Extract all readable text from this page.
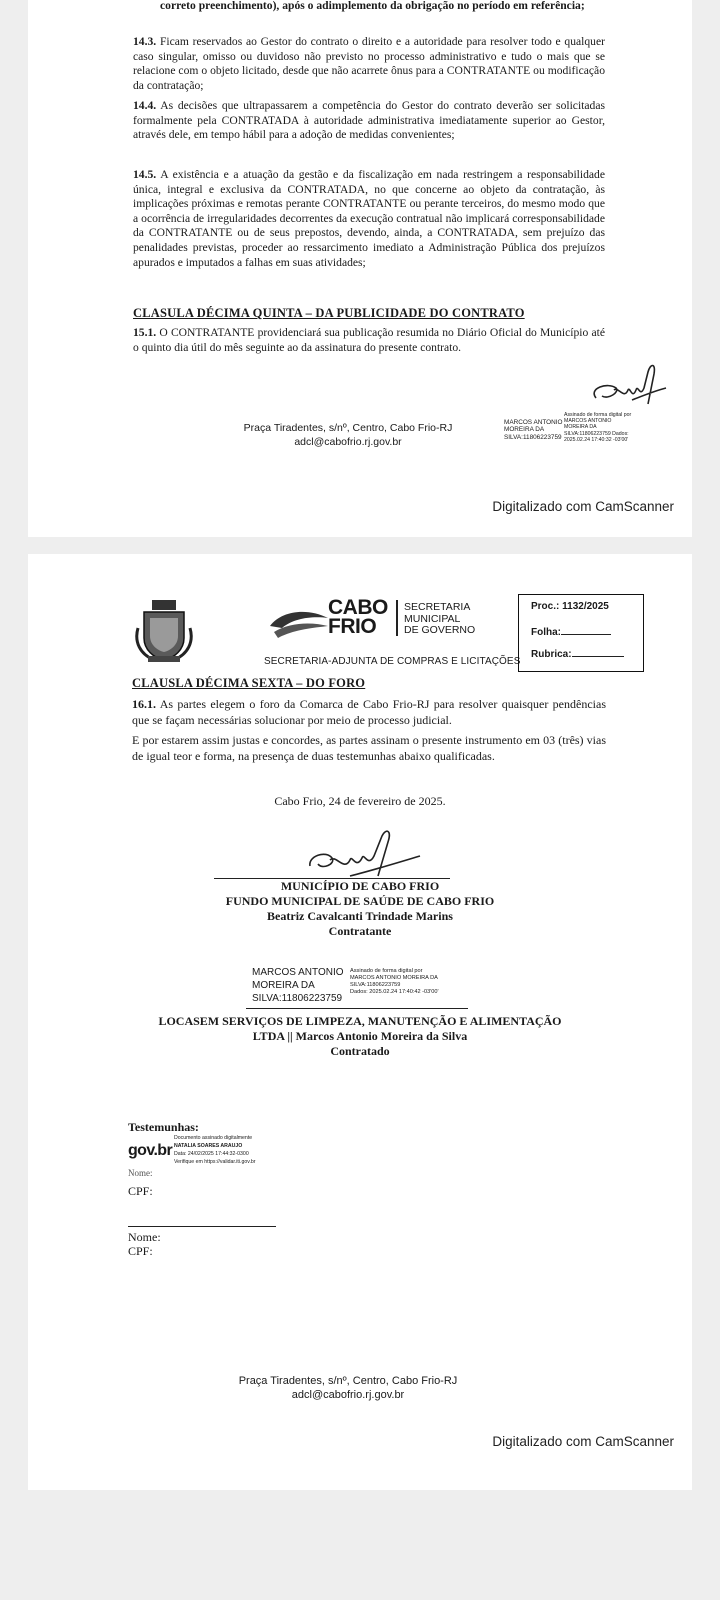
correto preenchimento), após o adimplemento da obrigação no período em referência;
14.3. Ficam reservados ao Gestor do contrato o direito e a autoridade para resolver todo e qualquer caso singular, omisso ou duvidoso não previsto no processo administrativo e tudo o mais que se relacione com o objeto licitado, desde que não acarrete ônus para a CONTRATANTE ou modificação da contratação;
14.4. As decisões que ultrapassarem a competência do Gestor do contrato deverão ser solicitadas formalmente pela CONTRATADA à autoridade administrativa imediatamente superior ao Gestor, através dele, em tempo hábil para a adoção de medidas convenientes;
14.5. A existência e a atuação da gestão e da fiscalização em nada restringem a responsabilidade única, integral e exclusiva da CONTRATADA, no que concerne ao objeto da contratação, às implicações próximas e remotas perante CONTRATANTE ou perante terceiros, do mesmo modo que a ocorrência de irregularidades decorrentes da execução contratual não implicará corresponsabilidade da CONTRATANTE ou de seus prepostos, devendo, ainda, a CONTRATADA, sem prejuízo das penalidades previstas, proceder ao ressarcimento imediato a Administração Pública dos prejuízos apurados e imputados a falhas em suas atividades;
CLASULA DÉCIMA QUINTA – DA PUBLICIDADE DO CONTRATO
15.1. O CONTRATANTE providenciará sua publicação resumida no Diário Oficial do Município até o quinto dia útil do mês seguinte ao da assinatura do presente contrato.
Praça Tiradentes, s/nº, Centro, Cabo Frio-RJ
adcl@cabofrio.rj.gov.br
MARCOS ANTONIO MOREIRA DA SILVA:11806223759
Assinado de forma digital por MARCOS ANTONIO MOREIRA DA SILVA:11806223759 Dados: 2025.02.24 17:40:32 -03'00'
Digitalizado com CamScanner
CABO
FRIO
SECRETARIA
MUNICIPAL
DE GOVERNO
SECRETARIA-ADJUNTA DE COMPRAS E LICITAÇÕES
Proc.: 1132/2025
Folha:
Rubrica:
CLAUSLA DÉCIMA SEXTA – DO FORO
16.1. As partes elegem o foro da Comarca de Cabo Frio-RJ para resolver quaisquer pendências que se façam necessárias solucionar por meio de processo judicial.
E por estarem assim justas e concordes, as partes assinam o presente instrumento em 03 (três) vias de igual teor e forma, na presença de duas testemunhas abaixo qualificadas.
Cabo Frio, 24 de fevereiro de 2025.
MUNICÍPIO DE CABO FRIO
FUNDO MUNICIPAL DE SAÚDE DE CABO FRIO
Beatriz Cavalcanti Trindade Marins
Contratante
MARCOS ANTONIO
MOREIRA DA
SILVA:11806223759
Assinado de forma digital por
MARCOS ANTONIO MOREIRA DA
SILVA:11806223759
Dados: 2025.02.24 17:40:42 -03'00'
LOCASEM SERVIÇOS DE LIMPEZA, MANUTENÇÃO E ALIMENTAÇÃO
LTDA || Marcos Antonio Moreira da Silva
Contratado
Testemunhas:
gov.br
Documento assinado digitalmente
NATALIA SOARES ARAUJO
Data: 24/02/2025 17:44:32-0300
Verifique em https://validar.iti.gov.br
CPF:
Nome:
Nome:
CPF:
Praça Tiradentes, s/nº, Centro, Cabo Frio-RJ
adcl@cabofrio.rj.gov.br
Digitalizado com CamScanner
